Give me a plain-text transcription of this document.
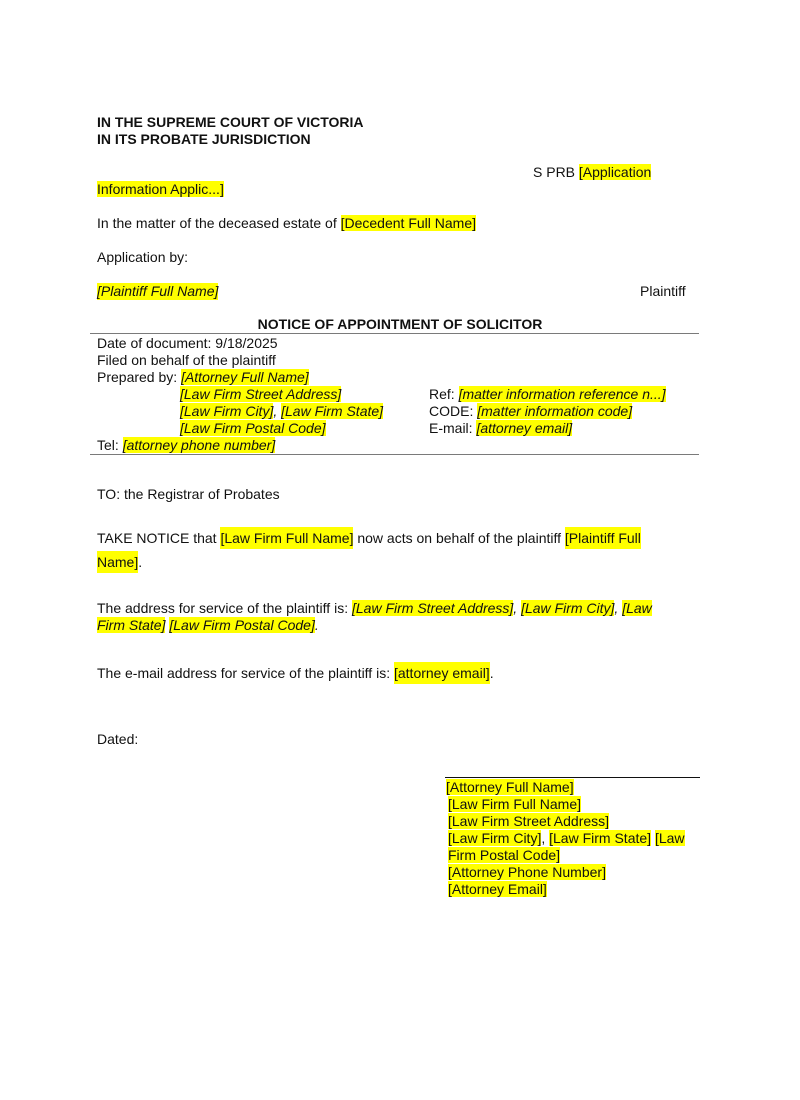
IN THE SUPREME COURT OF VICTORIA
IN ITS PROBATE JURISDICTION
S PRB [Application
Information Applic...]
In the matter of the deceased estate of [Decedent Full Name]
Application by:
[Plaintiff Full Name]	Plaintiff
NOTICE OF APPOINTMENT OF SOLICITOR
Date of document: 9/18/2025
Filed on behalf of the plaintiff
Prepared by: [Attorney Full Name]
[Law Firm Street Address]
[Law Firm City], [Law Firm State]
[Law Firm Postal Code]
Ref: [matter information reference n...]
CODE: [matter information code]
E-mail: [attorney email]
Tel: [attorney phone number]
TO: the Registrar of Probates
TAKE NOTICE that [Law Firm Full Name] now acts on behalf of the plaintiff [Plaintiff Full
Name].
The address for service of the plaintiff is: [Law Firm Street Address], [Law Firm City], [Law
Firm State] [Law Firm Postal Code].
The e-mail address for service of the plaintiff is: [attorney email].
Dated:
[Attorney Full Name]
[Law Firm Full Name]
[Law Firm Street Address]
[Law Firm City], [Law Firm State] [Law
Firm Postal Code]
[Attorney Phone Number]
[Attorney Email]
